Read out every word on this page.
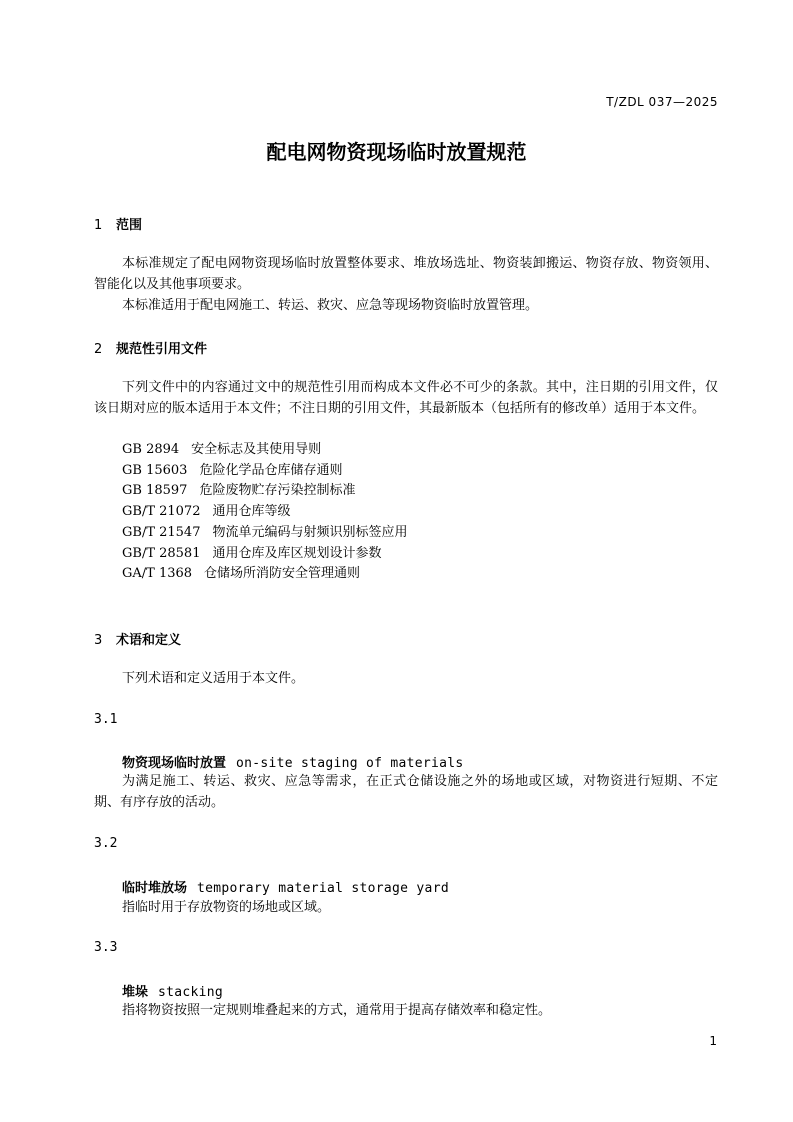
T/ZDL 037—2025
配电网物资现场临时放置规范
1 范围
本标准规定了配电网物资现场临时放置整体要求、堆放场选址、物资装卸搬运、物资存放、物资领用、智能化以及其他事项要求。
本标准适用于配电网施工、转运、救灾、应急等现场物资临时放置管理。
2 规范性引用文件
下列文件中的内容通过文中的规范性引用而构成本文件必不可少的条款。其中，注日期的引用文件，仅该日期对应的版本适用于本文件；不注日期的引用文件，其最新版本（包括所有的修改单）适用于本文件。
GB 2894 安全标志及其使用导则
GB 15603 危险化学品仓库储存通则
GB 18597 危险废物贮存污染控制标准
GB/T 21072 通用仓库等级
GB/T 21547 物流单元编码与射频识别标签应用
GB/T 28581 通用仓库及库区规划设计参数
GA/T 1368 仓储场所消防安全管理通则
3 术语和定义
下列术语和定义适用于本文件。
3.1
物资现场临时放置 on-site staging of materials
为满足施工、转运、救灾、应急等需求，在正式仓储设施之外的场地或区域，对物资进行短期、不定期、有序存放的活动。
3.2
临时堆放场 temporary material storage yard
指临时用于存放物资的场地或区域。
3.3
堆垛 stacking
指将物资按照一定规则堆叠起来的方式，通常用于提高存储效率和稳定性。
1
